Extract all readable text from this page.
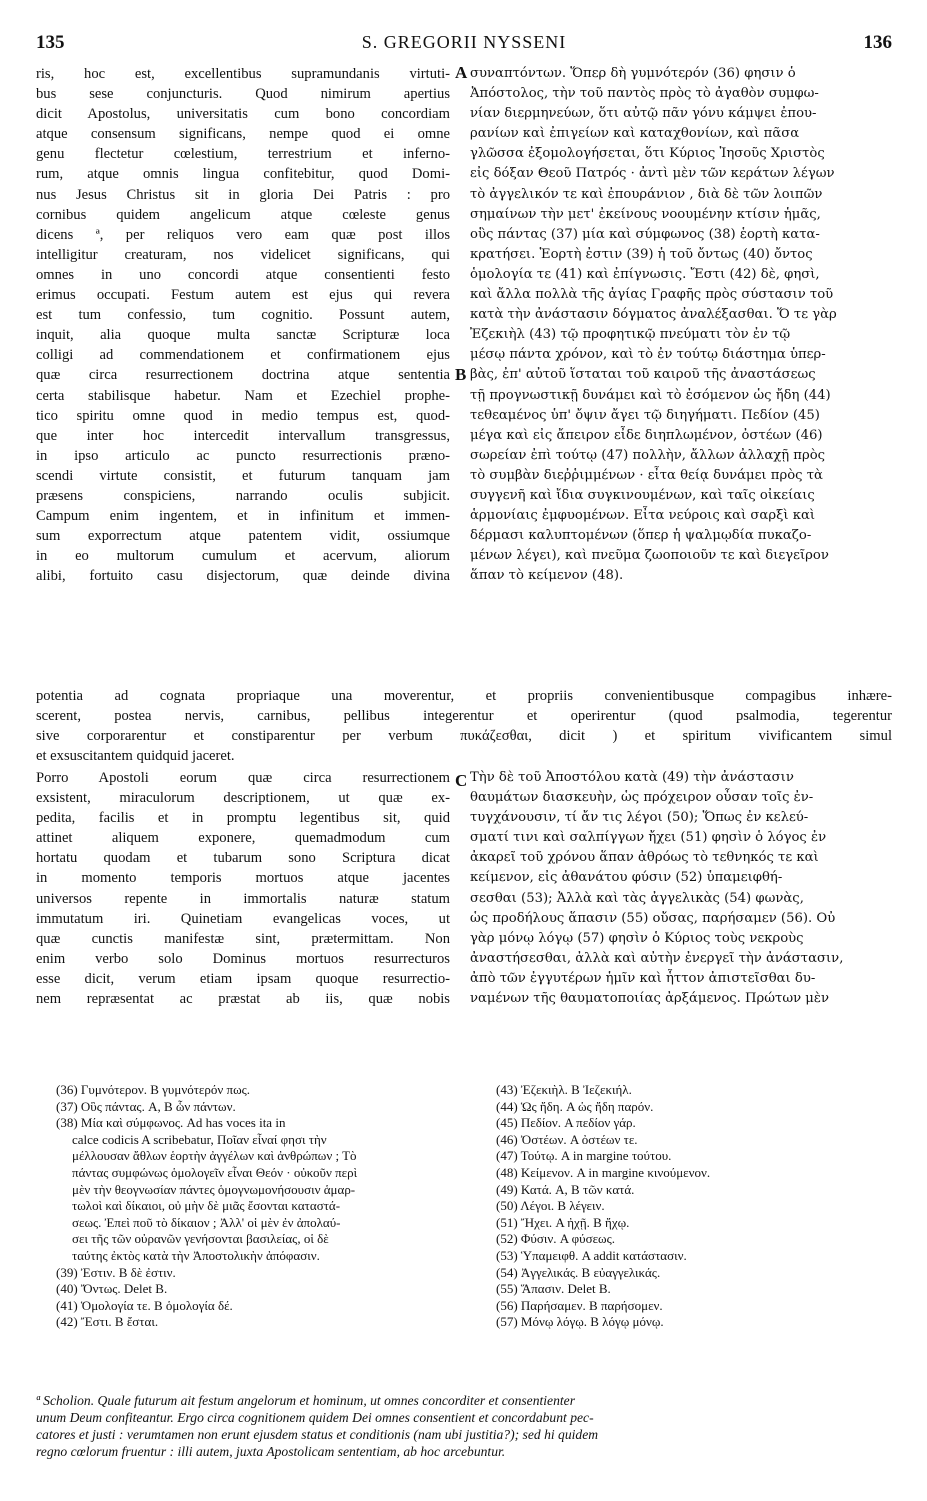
135	S. GREGORII NYSSENI	136
ris, hoc est, excellentibus supramundanis virtuti-
bus sese conjuncturis. Quod nimirum apertius
dicit Apostolus, universitatis cum bono concordiam
atque consensum significans, nempe quod ei omne
genu flectetur cœlestium, terrestrium et inferno-
rum, atque omnis lingua confitebitur, quod Domi-
nus Jesus Christus sit in gloria Dei Patris : pro
cornibus quidem angelicum atque cœleste genus
dicens ª, per reliquos vero eam quæ post illos
intelligitur creaturam, nos videlicet significans, qui
omnes in uno concordi atque consentienti festo
erimus occupati. Festum autem est ejus qui revera
est tum confessio, tum cognitio. Possunt autem,
inquit, alia quoque multa sanctæ Scripturæ loca
colligi ad commendationem et confirmationem ejus
quæ circa resurrectionem doctrina atque sententia
certa stabilisque habetur. Nam et Ezechiel prophe-
tico spiritu omne quod in medio tempus est, quod-
que inter hoc intercedit intervallum transgressus,
in ipso articulo ac puncto resurrectionis præno-
scendi virtute consistit, et futurum tanquam jam
præsens conspiciens, narrando oculis subjicit.
Campum enim ingentem, et in infinitum et immen-
sum exporrectum atque patentem vidit, ossiumque
in eo multorum cumulum et acervum, aliorum
alibi, fortuito casu disjectorum, quæ deinde divina
συναπτόντων. Ὅπερ δὴ γυμνότερόν (36) φησιν ὁ
Ἀπόστολος, τὴν τοῦ παντὸς πρὸς τὸ ἀγαθὸν συμφω-
νίαν διερμηνεύων, ὅτι αὐτῷ πᾶν γόνυ κάμψει ἐπου-
ρανίων καὶ ἐπιγείων καὶ καταχθονίων, καὶ πᾶσα
γλῶσσα ἐξομολογήσεται, ὅτι Κύριος Ἰησοῦς Χριστὸς
εἰς δόξαν Θεοῦ Πατρός · ἀντὶ μὲν τῶν κεράτων λέγων
τὸ ἀγγελικόν τε καὶ ἐπουράνιον , διὰ δὲ τῶν λοιπῶν
σημαίνων τὴν μετ' ἐκείνους νοουμένην κτίσιν ἡμᾶς,
οὓς πάντας (37) μία καὶ σύμφωνος (38) ἑορτὴ κατα-
κρατήσει. Ἑορτὴ ἐστιν (39) ἡ τοῦ ὄντως (40) ὄντος
ὁμολογία τε (41) καὶ ἐπίγνωσις. Ἔστι (42) δὲ, φησὶ,
καὶ ἄλλα πολλὰ τῆς ἁγίας Γραφῆς πρὸς σύστασιν τοῦ
κατὰ τὴν ἀνάστασιν δόγματος ἀναλέξασθαι. Ὅ τε γὰρ
Ἐζεκιὴλ (43) τῷ προφητικῷ πνεύματι τὸν ἐν τῷ
μέσῳ πάντα χρόνον, καὶ τὸ ἐν τούτῳ διάστημα ὑπερ-
βὰς, ἐπ' αὐτοῦ ἵσταται τοῦ καιροῦ τῆς ἀναστάσεως
τῇ προγνωστικῇ δυνάμει καὶ τὸ ἐσόμενον ὡς ἤδη (44)
τεθεαμένος ὑπ' ὄψιν ἄγει τῷ διηγήματι. Πεδίον (45)
μέγα καὶ εἰς ἄπειρον εἶδε διηπλωμένον, ὀστέων (46)
σωρείαν ἐπὶ τούτῳ (47) πολλὴν, ἄλλων ἀλλαχῇ πρὸς
τὸ συμβὰν διεῤῥιμμένων · εἶτα θείᾳ δυνάμει πρὸς τὰ
συγγενῆ καὶ ἴδια συγκινουμένων, καὶ ταῖς οἰκείαις
ἁρμονίαις ἐμφυομένων. Εἶτα νεύροις καὶ σαρξὶ καὶ
δέρμασι καλυπτομένων (ὅπερ ἡ ψαλμῳδία πυκαζο-
μένων λέγει), καὶ πνεῦμα ζωοποιοῦν τε καὶ διεγεῖρον
ἅπαν τὸ κείμενον (48).
A
B
C
potentia ad cognata propriaque una moverentur, et propriis convenientibusque compagibus inhære-
scerent, postea nervis, carnibus, pellibus integerentur et operirentur (quod psalmodia, tegerentur
sive corporarentur et constiparentur per verbum πυκάζεσθαι, dicit ) et spiritum vivificantem simul
et exsuscitantem quidquid jaceret.
Porro Apostoli eorum quæ circa resurrectionem
exsistent, miraculorum descriptionem, ut quæ ex-
pedita, facilis et in promptu legentibus sit, quid
attinet aliquem exponere, quemadmodum cum
hortatu quodam et tubarum sono Scriptura dicat
in momento temporis mortuos atque jacentes
universos repente in immortalis naturæ statum
immutatum iri. Quinetiam evangelicas voces, ut
quæ cunctis manifestæ sint, prætermittam. Non
enim verbo solo Dominus mortuos resurrecturos
esse dicit, verum etiam ipsam quoque resurrectio-
nem repræsentat ac præstat ab iis, quæ nobis
Τὴν δὲ τοῦ Ἀποστόλου κατὰ (49) τὴν ἀνάστασιν
θαυμάτων διασκευὴν, ὡς πρόχειρον οὖσαν τοῖς ἐν-
τυγχάνουσιν, τί ἄν τις λέγοι (50); Ὅπως ἐν κελεύ-
σματί τινι καὶ σαλπίγγων ἤχει (51) φησὶν ὁ λόγος ἐν
ἀκαρεῖ τοῦ χρόνου ἅπαν ἀθρόως τὸ τεθνηκός τε καὶ
κείμενον, εἰς ἀθανάτου φύσιν (52) ὑπαμειφθή-
σεσθαι (53); Ἀλλὰ καὶ τὰς ἀγγελικὰς (54) φωνὰς,
ὡς προδήλους ἅπασιν (55) οὔσας, παρήσαμεν (56). Οὐ
γὰρ μόνῳ λόγῳ (57) φησὶν ὁ Κύριος τοὺς νεκροὺς
ἀναστήσεσθαι, ἀλλὰ καὶ αὐτὴν ἐνεργεῖ τὴν ἀνάστασιν,
ἀπὸ τῶν ἐγγυτέρων ἡμῖν καὶ ἧττον ἀπιστεῖσθαι δυ-
ναμένων τῆς θαυματοποιίας ἀρξάμενος. Πρώτων μὲν
(36) Γυμνότερον. B γυμνότερόν πως.
(37) Οὓς πάντας. A, B ὧν πάντων.
(38) Μία καὶ σύμφωνος. Ad has voces ita in
calce codicis A scribebatur, Ποῖαν εἶναί φησι τὴν
μέλλουσαν ἄθλων ἑορτὴν ἀγγέλων καὶ ἀνθρώπων ; Τὸ
πάντας συμφώνως ὁμολογεῖν εἶναι Θεόν · οὐκοῦν περὶ
μὲν τὴν θεογνωσίαν πάντες ὁμογνωμονήσουσιν ἁμαρ-
τωλοὶ καὶ δίκαιοι, οὐ μὴν δὲ μιᾶς ἔσονται καταστά-
σεως. Ἐπεὶ ποῦ τὸ δίκαιον ; Ἀλλ' οἱ μὲν ἐν ἀπολαύ-
σει τῆς τῶν οὐρανῶν γενήσονται βασιλείας, οἱ δὲ
ταύτης ἐκτὸς κατὰ τὴν Ἀποστολικὴν ἀπόφασιν.
(39) Ἐστιν. B δὲ ἐστιν.
(40) Ὄντως. Delet B.
(41) Ὁμολογία τε. B ὁμολογία δέ.
(42) Ἔστι. B ἔσται.
(43) Ἐζεκιὴλ. B Ἰεζεκιήλ.
(44) Ὡς ἤδη. A ὡς ἤδη παρόν.
(45) Πεδίον. A πεδίον γάρ.
(46) Ὀστέων. A ὀστέων τε.
(47) Τούτῳ. A in margine τούτου.
(48) Κείμενον. A in margine κινούμενον.
(49) Κατά. A, B τῶν κατά.
(50) Λέγοι. B λέγειν.
(51) Ἤχει. A ἠχῇ. B ἤχῳ.
(52) Φύσιν. A φύσεως.
(53) Ὑπαμειφθ. A addit κατάστασιν.
(54) Ἀγγελικάς. B εὐαγγελικάς.
(55) Ἅπασιν. Delet B.
(56) Παρήσαμεν. B παρήσομεν.
(57) Μόνῳ λόγῳ. B λόγῳ μόνῳ.
ª Scholion. Quale futurum ait festum angelorum et hominum, ut omnes concorditer et consentienter
unum Deum confiteantur. Ergo circa cognitionem quidem Dei omnes consentient et concordabunt pec-
catores et justi : verumtamen non erunt ejusdem status et conditionis (nam ubi justitia?); sed hi quidem
regno cœlorum fruentur : illi autem, juxta Apostolicam sententiam, ab hoc arcebuntur.
